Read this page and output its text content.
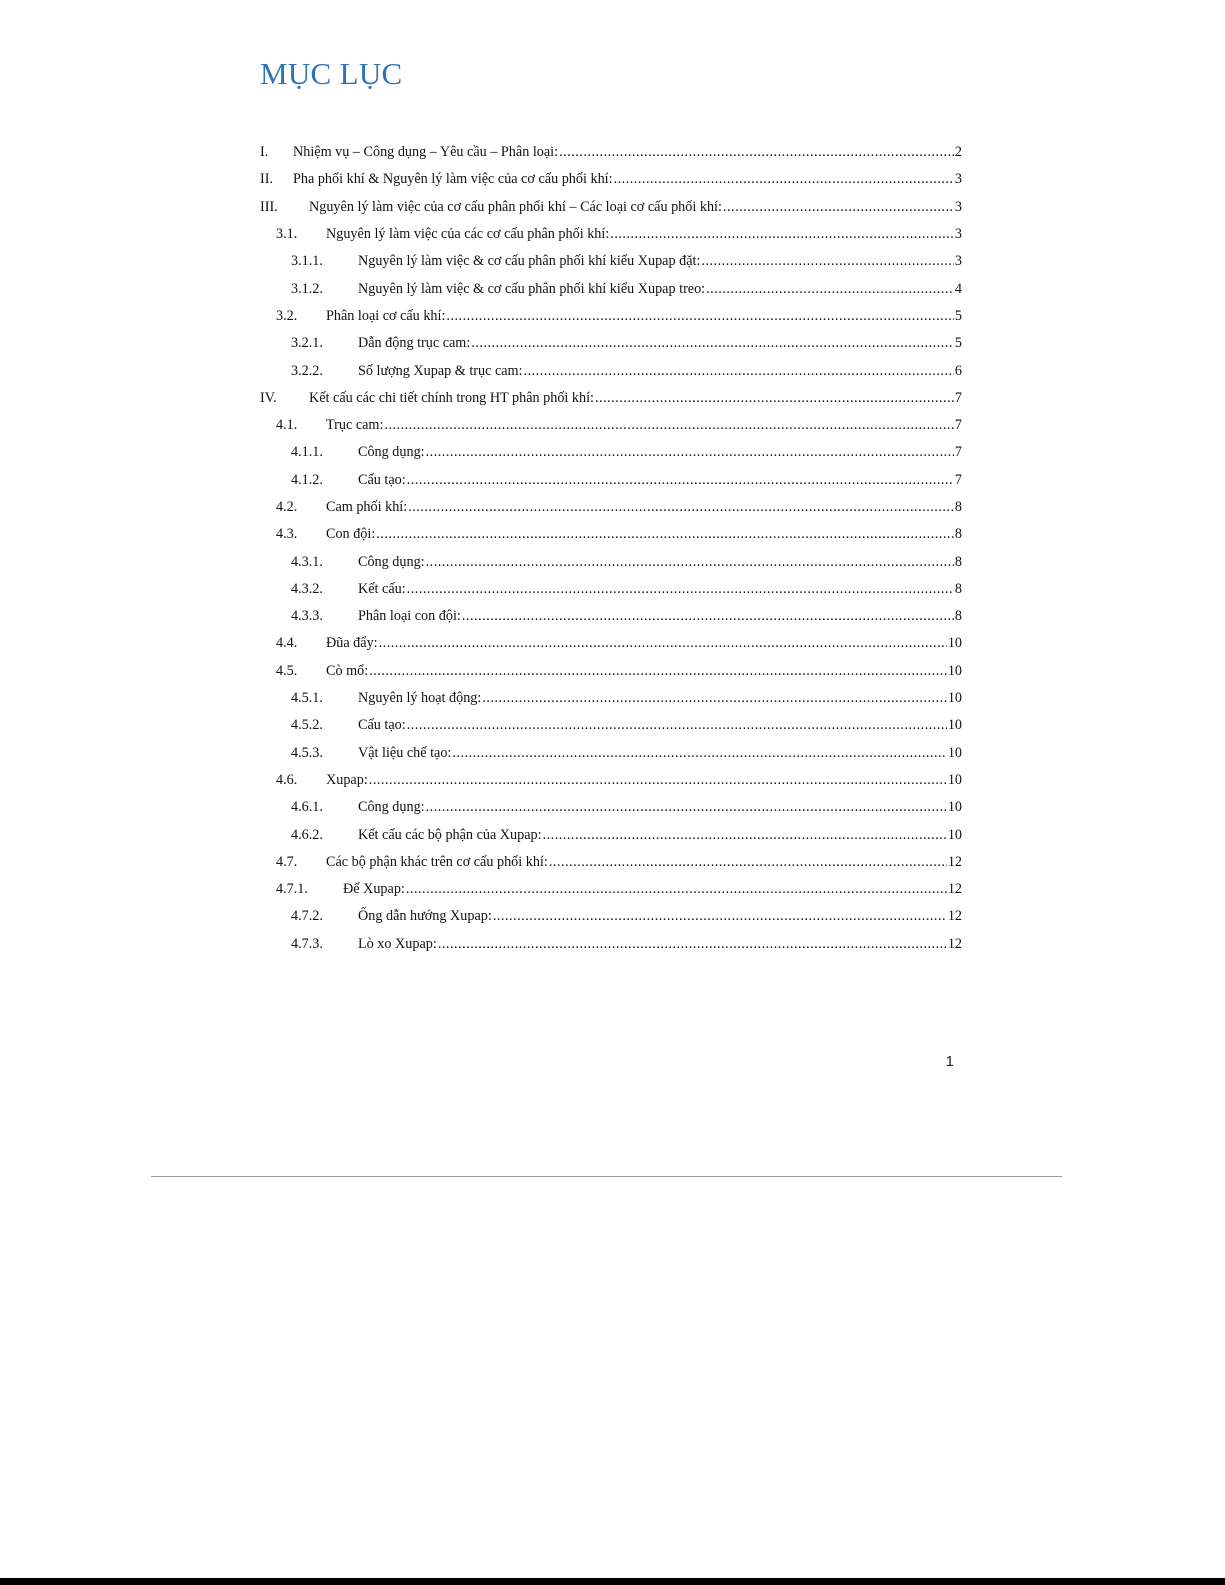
MỤC LỤC
I.	Nhiệm vụ – Công dụng – Yêu cầu – Phân loại: .....	2
II.	Pha phối khí & Nguyên lý làm việc của cơ cấu phối khí: .....	3
III.	Nguyên lý làm việc của cơ cấu phân phối khí – Các loại cơ cấu phối khí: .....	3
3.1.	Nguyên lý làm việc của các cơ cấu phân phối khí: .....	3
3.1.1.	Nguyên lý làm việc & cơ cấu phân phối khí kiểu Xupap đặt: .....	3
3.1.2.	Nguyên lý làm việc & cơ cấu phân phối khí kiểu Xupap treo: .....	4
3.2.	Phân loại cơ cấu khí: .....	5
3.2.1.	Dẫn động trục cam: .....	5
3.2.2.	Số lượng Xupap & trục cam: .....	6
IV.	Kết cấu các chi tiết chính trong HT phân phối khí: .....	7
4.1.	Trục cam: .....	7
4.1.1.	Công dụng: .....	7
4.1.2.	Cấu tạo: .....	7
4.2.	Cam phối khí: .....	8
4.3.	Con đội: .....	8
4.3.1.	Công dụng: .....	8
4.3.2.	Kết cấu: .....	8
4.3.3.	Phân loại con đội: .....	8
4.4.	Đũa đẩy: .....	10
4.5.	Cò mổ: .....	10
4.5.1.	Nguyên lý hoạt động: .....	10
4.5.2.	Cấu tạo: .....	10
4.5.3.	Vật liệu chế tạo: .....	10
4.6.	Xupap: .....	10
4.6.1.	Công dụng: .....	10
4.6.2.	Kết cấu các bộ phận của Xupap: .....	10
4.7.	Các bộ phận khác trên cơ cấu phối khí: .....	12
4.7.1.	Đế Xupap: .....	12
4.7.2.	Ống dẫn hướng Xupap: .....	12
4.7.3.	Lò xo Xupap: .....	12
1
